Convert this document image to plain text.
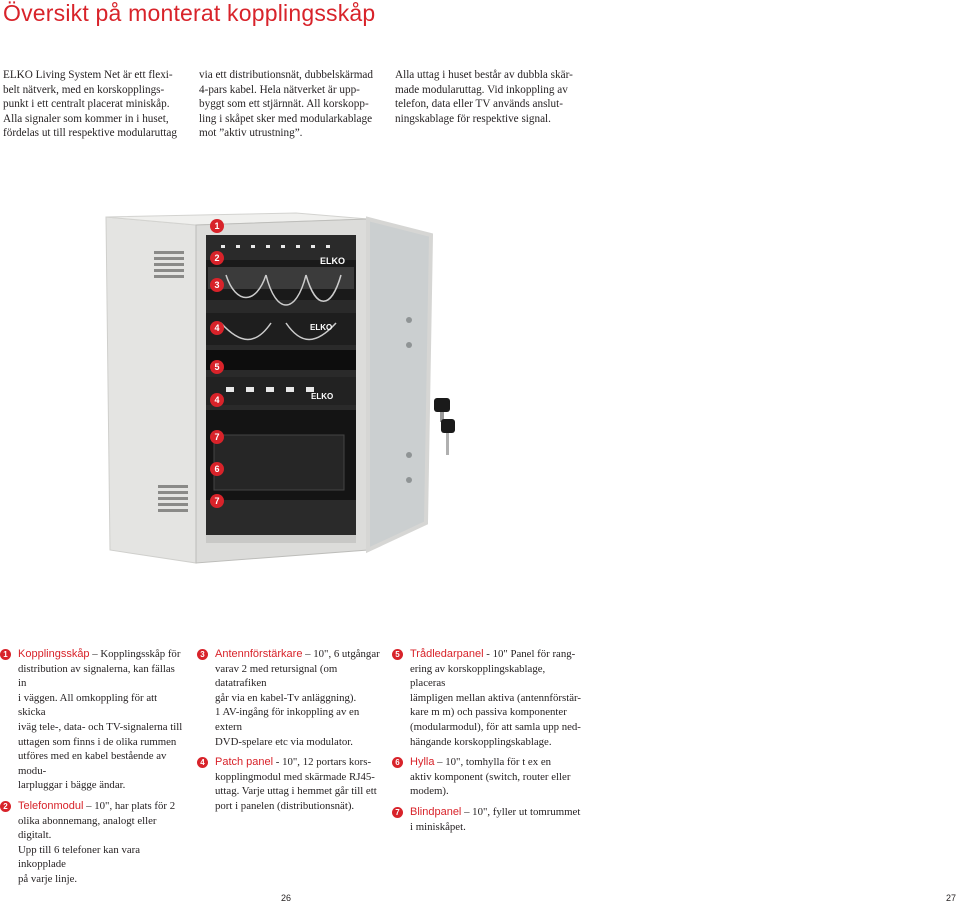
Översikt på monterat kopplingsskåp

ELKO Living System Net är ett flexi-
belt nätverk, med en korskopplings-
punkt i ett centralt placerat miniskåp.
Alla signaler som kommer in i huset,
fördelas ut till respektive modularuttag

via ett distributionsnät, dubbelskärmad
4-pars kabel. Hela nätverket är upp-
byggt som ett stjärnnät. All korskopp-
ling i skåpet sker med modularkablage
mot ”aktiv utrustning”.

Alla uttag i huset består av dubbla skär-
made modularuttag. Vid inkoppling av
telefon, data eller TV används anslut-
ningskablage för respektive signal.

ELKO
ELKO
ELKO
1
2
3
4
5
4
7
6
7
1 Kopplingsskåp – Kopplingsskåp för
distribution av signalerna, kan fällas in
i väggen. All omkoppling för att skicka
iväg tele-, data- och TV-signalerna till
uttagen som finns i de olika rummen
utföres med en kabel bestående av modu-
larpluggar i bägge ändar.
2 Telefonmodul – 10", har plats för 2
olika abonnemang, analogt eller digitalt.
Upp till 6 telefoner kan vara inkopplade
på varje linje.
3 Antennförstärkare – 10", 6 utgångar
varav 2 med retursignal (om datatrafiken
går via en kabel-Tv anläggning).
1 AV-ingång för inkoppling av en extern
DVD-spelare etc via modulator.
4 Patch panel - 10", 12 portars kors-
kopplingmodul med skärmade RJ45-
uttag. Varje uttag i hemmet går till ett
port i panelen (distributionsnät).
5 Trådledarpanel - 10" Panel för rang-
ering av korskopplingskablage, placeras
lämpligen mellan aktiva (antennförstär-
kare m m) och passiva komponenter
(modularmodul), för att samla upp ned-
hängande korskopplingskablage.
6 Hylla – 10", tomhylla för t ex en
aktiv komponent (switch, router eller
modem).
7 Blindpanel – 10", fyller ut tomrummet
i miniskåpet.
26	27
